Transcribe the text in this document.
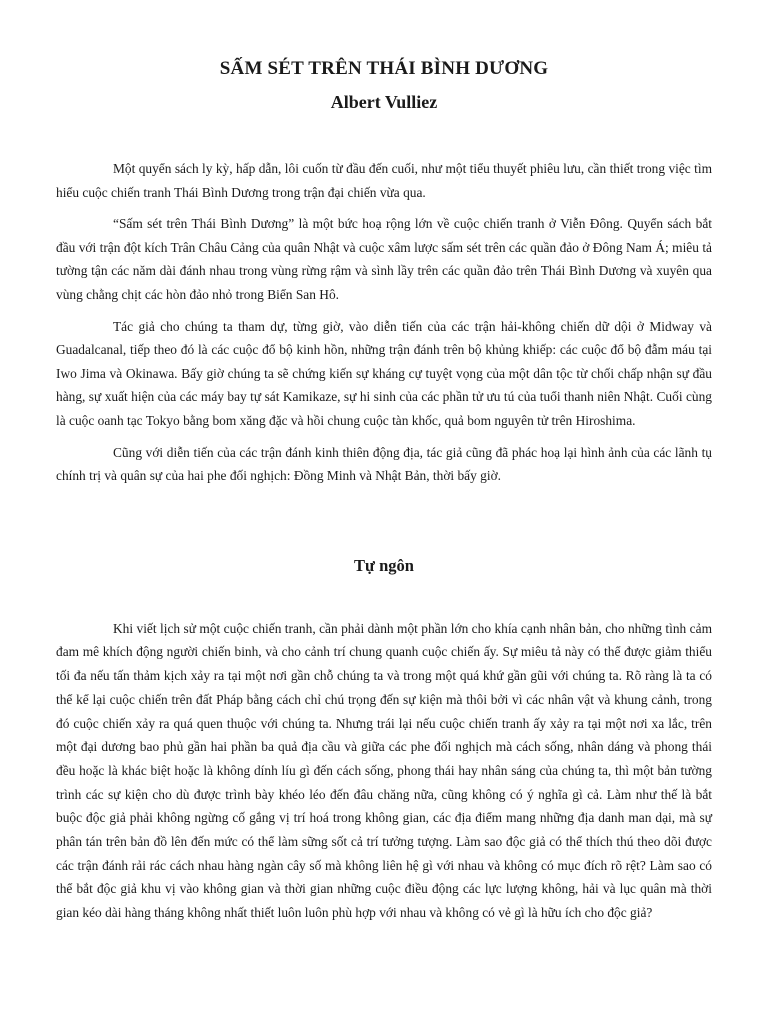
SẤM SÉT TRÊN THÁI BÌNH DƯƠNG
Albert Vulliez

Một quyển sách ly kỳ, hấp dẫn, lôi cuốn từ đầu đến cuối, như một tiểu thuyết phiêu lưu, cần thiết trong việc tìm hiểu cuộc chiến tranh Thái Bình Dương trong trận đại chiến vừa qua.

“Sấm sét trên Thái Bình Dương” là một bức hoạ rộng lớn về cuộc chiến tranh ở Viễn Đông. Quyển sách bắt đầu với trận đột kích Trân Châu Cảng của quân Nhật và cuộc xâm lược sấm sét trên các quần đảo ở Đông Nam Á; miêu tả tường tận các năm dài đánh nhau trong vùng rừng rậm và sình lầy trên các quần đảo trên Thái Bình Dương và xuyên qua vùng chằng chịt các hòn đảo nhỏ trong Biển San Hô.

Tác giả cho chúng ta tham dự, từng giờ, vào diễn tiến của các trận hải-không chiến dữ dội ở Midway và Guadalcanal, tiếp theo đó là các cuộc đổ bộ kinh hồn, những trận đánh trên bộ khủng khiếp: các cuộc đổ bộ đẫm máu tại Iwo Jima và Okinawa. Bấy giờ chúng ta sẽ chứng kiến sự kháng cự tuyệt vọng của một dân tộc từ chối chấp nhận sự đầu hàng, sự xuất hiện của các máy bay tự sát Kamikaze, sự hi sinh của các phần tử ưu tú của tuổi thanh niên Nhật. Cuối cùng là cuộc oanh tạc Tokyo bằng bom xăng đặc và hồi chung cuộc tàn khốc, quả bom nguyên tử trên Hiroshima.

Cũng với diễn tiến của các trận đánh kinh thiên động địa, tác giả cũng đã phác hoạ lại hình ảnh của các lãnh tụ chính trị và quân sự của hai phe đối nghịch: Đồng Minh và Nhật Bản, thời bấy giờ.

Tự ngôn

Khi viết lịch sử một cuộc chiến tranh, cần phải dành một phần lớn cho khía cạnh nhân bản, cho những tình cảm đam mê khích động người chiến binh, và cho cảnh trí chung quanh cuộc chiến ấy. Sự miêu tả này có thể được giảm thiểu tối đa nếu tấn thảm kịch xảy ra tại một nơi gần chỗ chúng ta và trong một quá khứ gần gũi với chúng ta. Rõ ràng là ta có thể kể lại cuộc chiến trên đất Pháp bằng cách chỉ chú trọng đến sự kiện mà thôi bởi vì các nhân vật và khung cảnh, trong đó cuộc chiến xảy ra quá quen thuộc với chúng ta. Nhưng trái lại nếu cuộc chiến tranh ấy xảy ra tại một nơi xa lắc, trên một đại dương bao phủ gần hai phần ba quả địa cầu và giữa các phe đối nghịch mà cách sống, nhân dáng và phong thái đều hoặc là khác biệt hoặc là không dính líu gì đến cách sống, phong thái hay nhân sáng của chúng ta, thì một bản tường trình các sự kiện cho dù được trình bày khéo léo đến đâu chăng nữa, cũng không có ý nghĩa gì cả. Làm như thế là bắt buộc độc giả phải không ngừng cố gắng vị trí hoá trong không gian, các địa điểm mang những địa danh man dại, mà sự phân tán trên bản đồ lên đến mức có thể làm sững sốt cả trí tưởng tượng. Làm sao độc giả có thể thích thú theo dõi được các trận đánh rải rác cách nhau hàng ngàn cây số mà không liên hệ gì với nhau và không có mục đích rõ rệt? Làm sao có thể bắt độc giả khu vị vào không gian và thời gian những cuộc điều động các lực lượng không, hải và lục quân mà thời gian kéo dài hàng tháng không nhất thiết luôn luôn phù hợp với nhau và không có vẻ gì là hữu ích cho độc giả?
